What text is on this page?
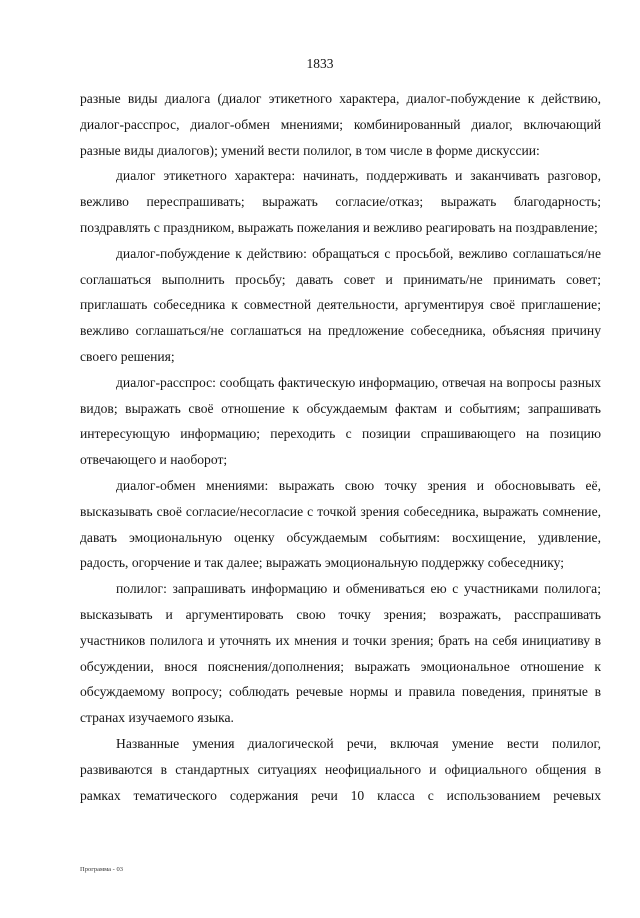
1833

разные виды диалога (диалог этикетного характера, диалог-побуждение к действию, диалог-расспрос, диалог-обмен мнениями; комбинированный диалог, включающий разные виды диалогов); умений вести полилог, в том числе в форме дискуссии:

диалог этикетного характера: начинать, поддерживать и заканчивать разговор, вежливо переспрашивать; выражать согласие/отказ; выражать благодарность; поздравлять с праздником, выражать пожелания и вежливо реагировать на поздравление;

диалог-побуждение к действию: обращаться с просьбой, вежливо соглашаться/не соглашаться выполнить просьбу; давать совет и принимать/не принимать совет; приглашать собеседника к совместной деятельности, аргументируя своё приглашение; вежливо соглашаться/не соглашаться на предложение собеседника, объясняя причину своего решения;

диалог-расспрос: сообщать фактическую информацию, отвечая на вопросы разных видов; выражать своё отношение к обсуждаемым фактам и событиям; запрашивать интересующую информацию; переходить с позиции спрашивающего на позицию отвечающего и наоборот;

диалог-обмен мнениями: выражать свою точку зрения и обосновывать её, высказывать своё согласие/несогласие с точкой зрения собеседника, выражать сомнение, давать эмоциональную оценку обсуждаемым событиям: восхищение, удивление, радость, огорчение и так далее; выражать эмоциональную поддержку собеседнику;

полилог: запрашивать информацию и обмениваться ею с участниками полилога; высказывать и аргументировать свою точку зрения; возражать, расспрашивать участников полилога и уточнять их мнения и точки зрения; брать на себя инициативу в обсуждении, внося пояснения/дополнения; выражать эмоциональное отношение к обсуждаемому вопросу; соблюдать речевые нормы и правила поведения, принятые в странах изучаемого языка.

Названные умения диалогической речи, включая умение вести полилог, развиваются в стандартных ситуациях неофициального и официального общения в рамках тематического содержания речи 10 класса с использованием речевых

Программа - 03
